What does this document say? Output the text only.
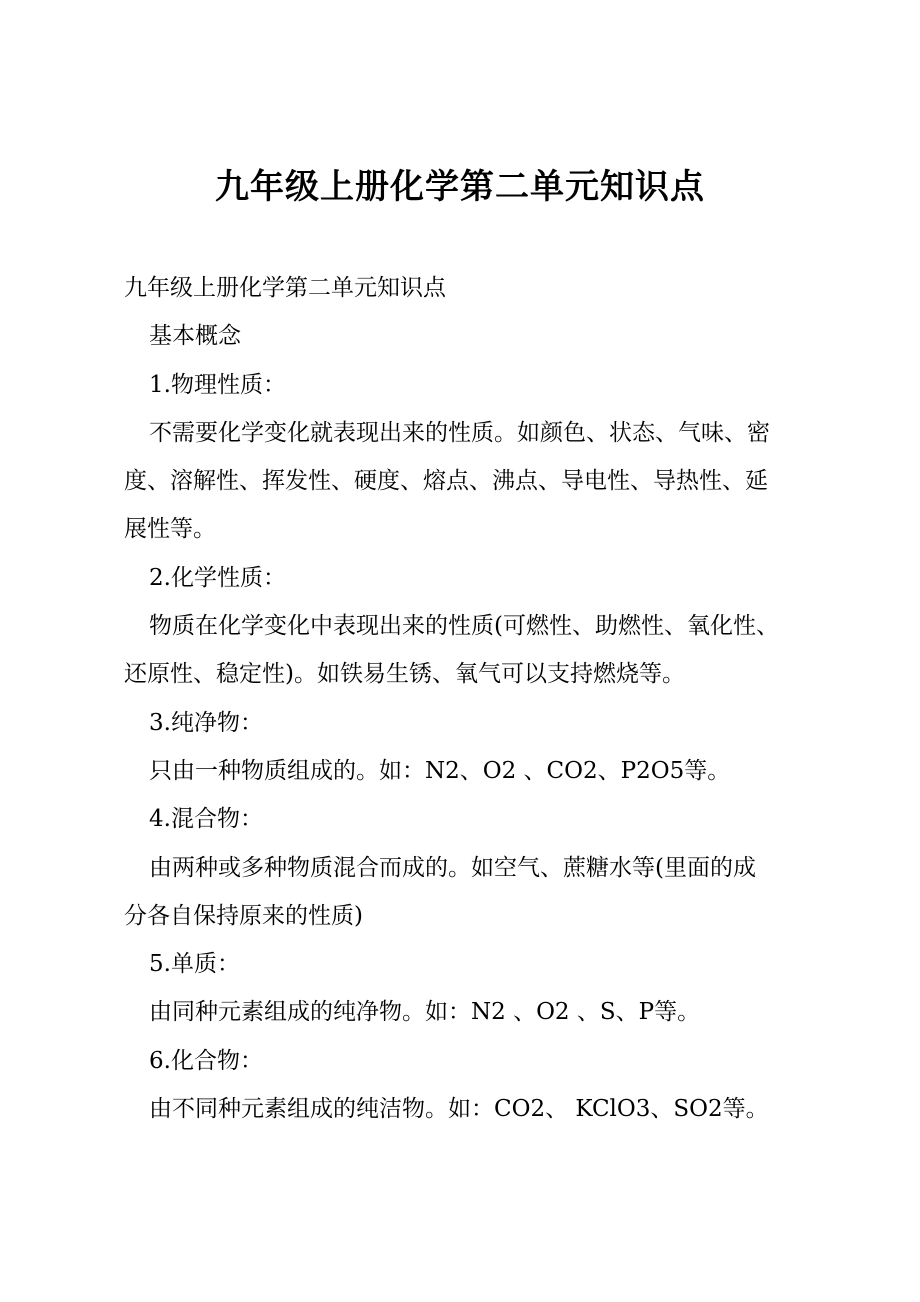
九年级上册化学第二单元知识点

九年级上册化学第二单元知识点

基本概念

1.物理性质：

不需要化学变化就表现出来的性质。如颜色、状态、气味、密

度、溶解性、挥发性、硬度、熔点、沸点、导电性、导热性、延

展性等。

2.化学性质：

物质在化学变化中表现出来的性质(可燃性、助燃性、氧化性、

还原性、稳定性)。如铁易生锈、氧气可以支持燃烧等。

3.纯净物：

只由一种物质组成的。如：N2、O2 、CO2、P2O5等。

4.混合物：

由两种或多种物质混合而成的。如空气、蔗糖水等(里面的成

分各自保持原来的性质)

5.单质：

由同种元素组成的纯净物。如：N2 、O2 、S、P等。

6.化合物：

由不同种元素组成的纯洁物。如：CO2、 KClO3、SO2等。
